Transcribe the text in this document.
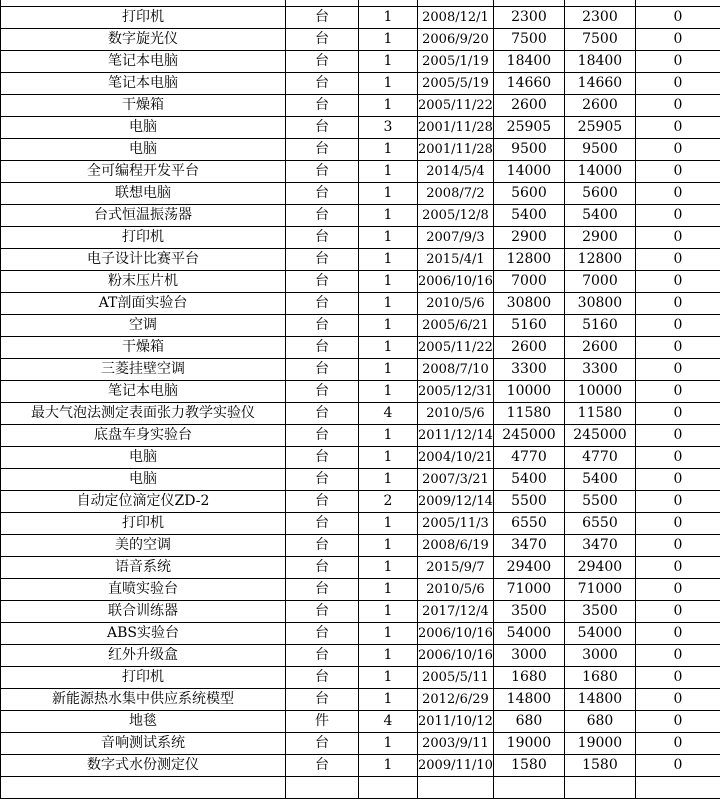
打印机	台	1	2008/12/1	2300	2300	0
数字旋光仪	台	1	2006/9/20	7500	7500	0
笔记本电脑	台	1	2005/1/19	18400	18400	0
笔记本电脑	台	1	2005/5/19	14660	14660	0
干燥箱	台	1	2005/11/22	2600	2600	0
电脑	台	3	2001/11/28	25905	25905	0
电脑	台	1	2001/11/28	9500	9500	0
全可编程开发平台	台	1	2014/5/4	14000	14000	0
联想电脑	台	1	2008/7/2	5600	5600	0
台式恒温振荡器	台	1	2005/12/8	5400	5400	0
打印机	台	1	2007/9/3	2900	2900	0
电子设计比赛平台	台	1	2015/4/1	12800	12800	0
粉末压片机	台	1	2006/10/16	7000	7000	0
AT剖面实验台	台	1	2010/5/6	30800	30800	0
空调	台	1	2005/6/21	5160	5160	0
干燥箱	台	1	2005/11/22	2600	2600	0
三菱挂壁空调	台	1	2008/7/10	3300	3300	0
笔记本电脑	台	1	2005/12/31	10000	10000	0
最大气泡法测定表面张力教学实验仪	台	4	2010/5/6	11580	11580	0
底盘车身实验台	台	1	2011/12/14	245000	245000	0
电脑	台	1	2004/10/21	4770	4770	0
电脑	台	1	2007/3/21	5400	5400	0
自动定位滴定仪ZD-2	台	2	2009/12/14	5500	5500	0
打印机	台	1	2005/11/3	6550	6550	0
美的空调	台	1	2008/6/19	3470	3470	0
语音系统	台	1	2015/9/7	29400	29400	0
直喷实验台	台	1	2010/5/6	71000	71000	0
联合训练器	台	1	2017/12/4	3500	3500	0
ABS实验台	台	1	2006/10/16	54000	54000	0
红外升级盒	台	1	2006/10/16	3000	3000	0
打印机	台	1	2005/5/11	1680	1680	0
新能源热水集中供应系统模型	台	1	2012/6/29	14800	14800	0
地毯	件	4	2011/10/12	680	680	0
音响测试系统	台	1	2003/9/11	19000	19000	0
数字式水份测定仪	台	1	2009/11/10	1580	1580	0
